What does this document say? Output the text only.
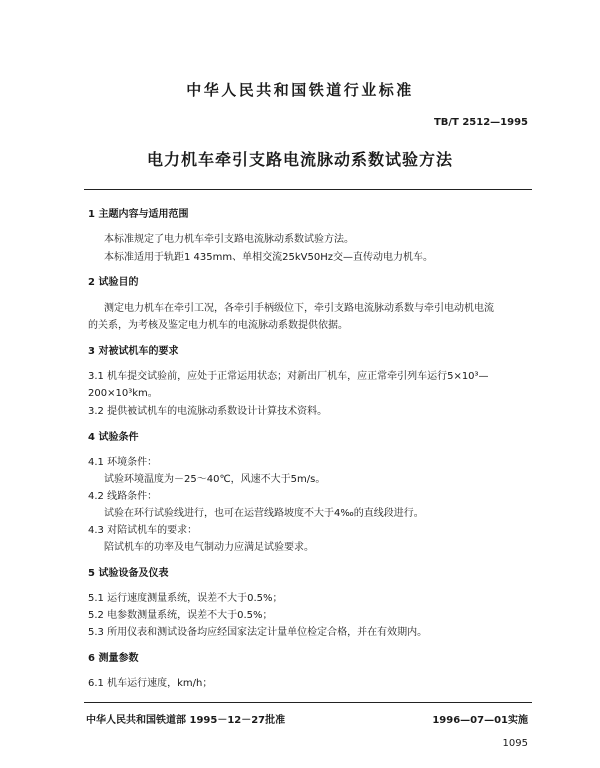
中华人民共和国铁道行业标准
TB/T 2512—1995
电力机车牵引支路电流脉动系数试验方法
1 主题内容与适用范围
本标准规定了电力机车牵引支路电流脉动系数试验方法。
本标准适用于轨距1 435mm、单相交流25kV50Hz交—直传动电力机车。
2 试验目的
测定电力机车在牵引工况，各牵引手柄级位下，牵引支路电流脉动系数与牵引电动机电流
的关系，为考核及鉴定电力机车的电流脉动系数提供依据。
3 对被试机车的要求
3.1 机车提交试验前，应处于正常运用状态；对新出厂机车，应正常牵引列车运行5×10³—
200×10³km。
3.2 提供被试机车的电流脉动系数设计计算技术资料。
4 试验条件
4.1 环境条件：
试验环境温度为－25～40℃，风速不大于5m/s。
4.2 线路条件：
试验在环行试验线进行，也可在运营线路坡度不大于4‰的直线段进行。
4.3 对陪试机车的要求：
陪试机车的功率及电气制动力应满足试验要求。
5 试验设备及仪表
5.1 运行速度测量系统，误差不大于0.5%；
5.2 电参数测量系统，误差不大于0.5%；
5.3 所用仪表和测试设备均应经国家法定计量单位检定合格，并在有效期内。
6 测量参数
6.1 机车运行速度，km/h；
中华人民共和国铁道部 1995－12－27批准	1996—07—01实施
1095
